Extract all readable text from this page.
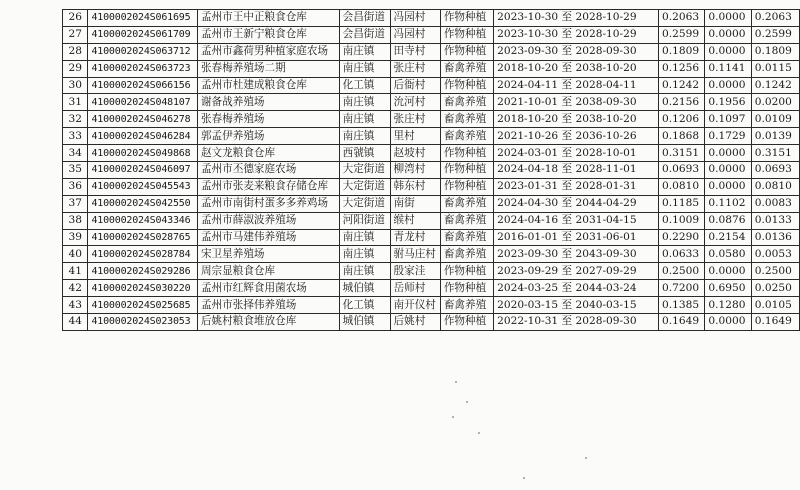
26	4100002024S061695	孟州市王中正粮食仓库	会昌街道	冯园村	作物种植	2023-10-30 至 2028-10-29	0.2063	0.0000	0.2063
27	4100002024S061709	孟州市王新宁粮食仓库	会昌街道	冯园村	作物种植	2023-10-30 至 2028-10-29	0.2599	0.0000	0.2599
28	4100002024S063712	孟州市鑫荷男种植家庭农场	南庄镇	田寺村	作物种植	2023-09-30 至 2028-09-30	0.1809	0.0000	0.1809
29	4100002024S063723	张春梅养殖场二期	南庄镇	张庄村	畜禽养殖	2018-10-20 至 2038-10-20	0.1256	0.1141	0.0115
30	4100002024S066156	孟州市杜建成粮食仓库	化工镇	后衙村	作物种植	2024-04-11 至 2028-04-11	0.1242	0.0000	0.1242
31	4100002024S048107	谢备战养殖场	南庄镇	沇河村	畜禽养殖	2021-10-01 至 2038-09-30	0.2156	0.1956	0.0200
32	4100002024S046278	张春梅养殖场	南庄镇	张庄村	畜禽养殖	2018-10-20 至 2038-10-20	0.1206	0.1097	0.0109
33	4100002024S046284	郭孟伊养殖场	南庄镇	里村	畜禽养殖	2021-10-26 至 2036-10-26	0.1868	0.1729	0.0139
34	4100002024S049868	赵文龙粮食仓库	西虢镇	赵坡村	作物种植	2024-03-01 至 2028-10-01	0.3151	0.0000	0.3151
35	4100002024S046097	孟州市丕德家庭农场	大定街道	柳湾村	作物种植	2024-04-18 至 2028-11-01	0.0693	0.0000	0.0693
36	4100002024S045543	孟州市张麦来粮食存储仓库	大定街道	韩东村	作物种植	2023-01-31 至 2028-01-31	0.0810	0.0000	0.0810
37	4100002024S042550	孟州市南街村蛋多多养鸡场	大定街道	南街	畜禽养殖	2024-04-30 至 2044-04-29	0.1185	0.1102	0.0083
38	4100002024S043346	孟州市薛淑波养殖场	河阳街道	缑村	畜禽养殖	2024-04-16 至 2031-04-15	0.1009	0.0876	0.0133
39	4100002024S028765	孟州市马建伟养殖场	南庄镇	青龙村	畜禽养殖	2016-01-01 至 2031-06-01	0.2290	0.2154	0.0136
40	4100002024S028784	宋卫星养殖场	南庄镇	驸马庄村	畜禽养殖	2023-09-30 至 2043-09-30	0.0633	0.0580	0.0053
41	4100002024S029286	周宗显粮食仓库	南庄镇	殷家洼	作物种植	2023-09-29 至 2027-09-29	0.2500	0.0000	0.2500
42	4100002024S030220	孟州市红辉食用菌农场	城伯镇	岳师村	作物种植	2024-03-25 至 2044-03-24	0.7200	0.6950	0.0250
43	4100002024S025685	孟州市张择伟养殖场	化工镇	南开仪村	畜禽养殖	2020-03-15 至 2040-03-15	0.1385	0.1280	0.0105
44	4100002024S023053	后姚村粮食堆放仓库	城伯镇	后姚村	作物种植	2022-10-31 至 2028-09-30	0.1649	0.0000	0.1649
